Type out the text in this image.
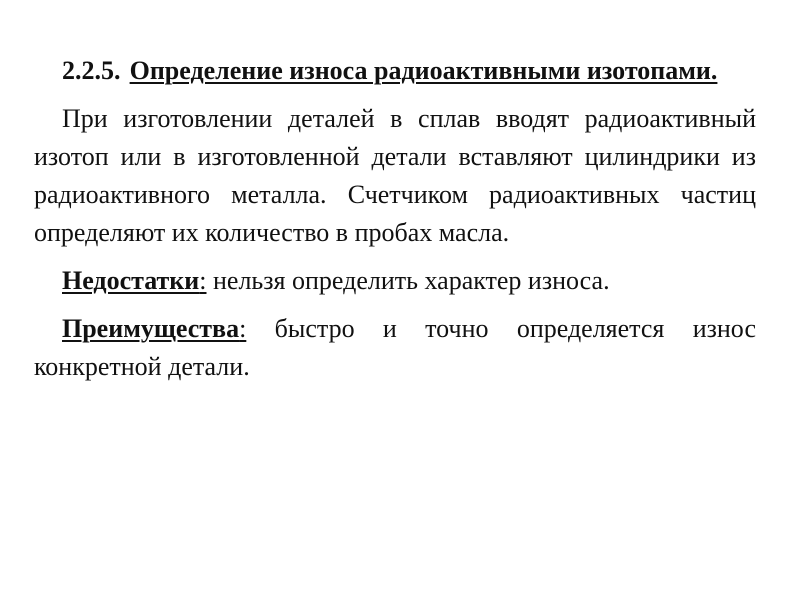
2.2.5. Определение износа радиоактивными изотопами.

При изготовлении деталей в сплав вводят радиоактивный изотоп или в изготовленной детали вставляют цилиндрики из радиоактивного металла. Счетчиком радиоактивных частиц определяют их количество в пробах масла.

Недостатки: нельзя определить характер износа.

Преимущества: быстро и точно определяется износ конкретной детали.
